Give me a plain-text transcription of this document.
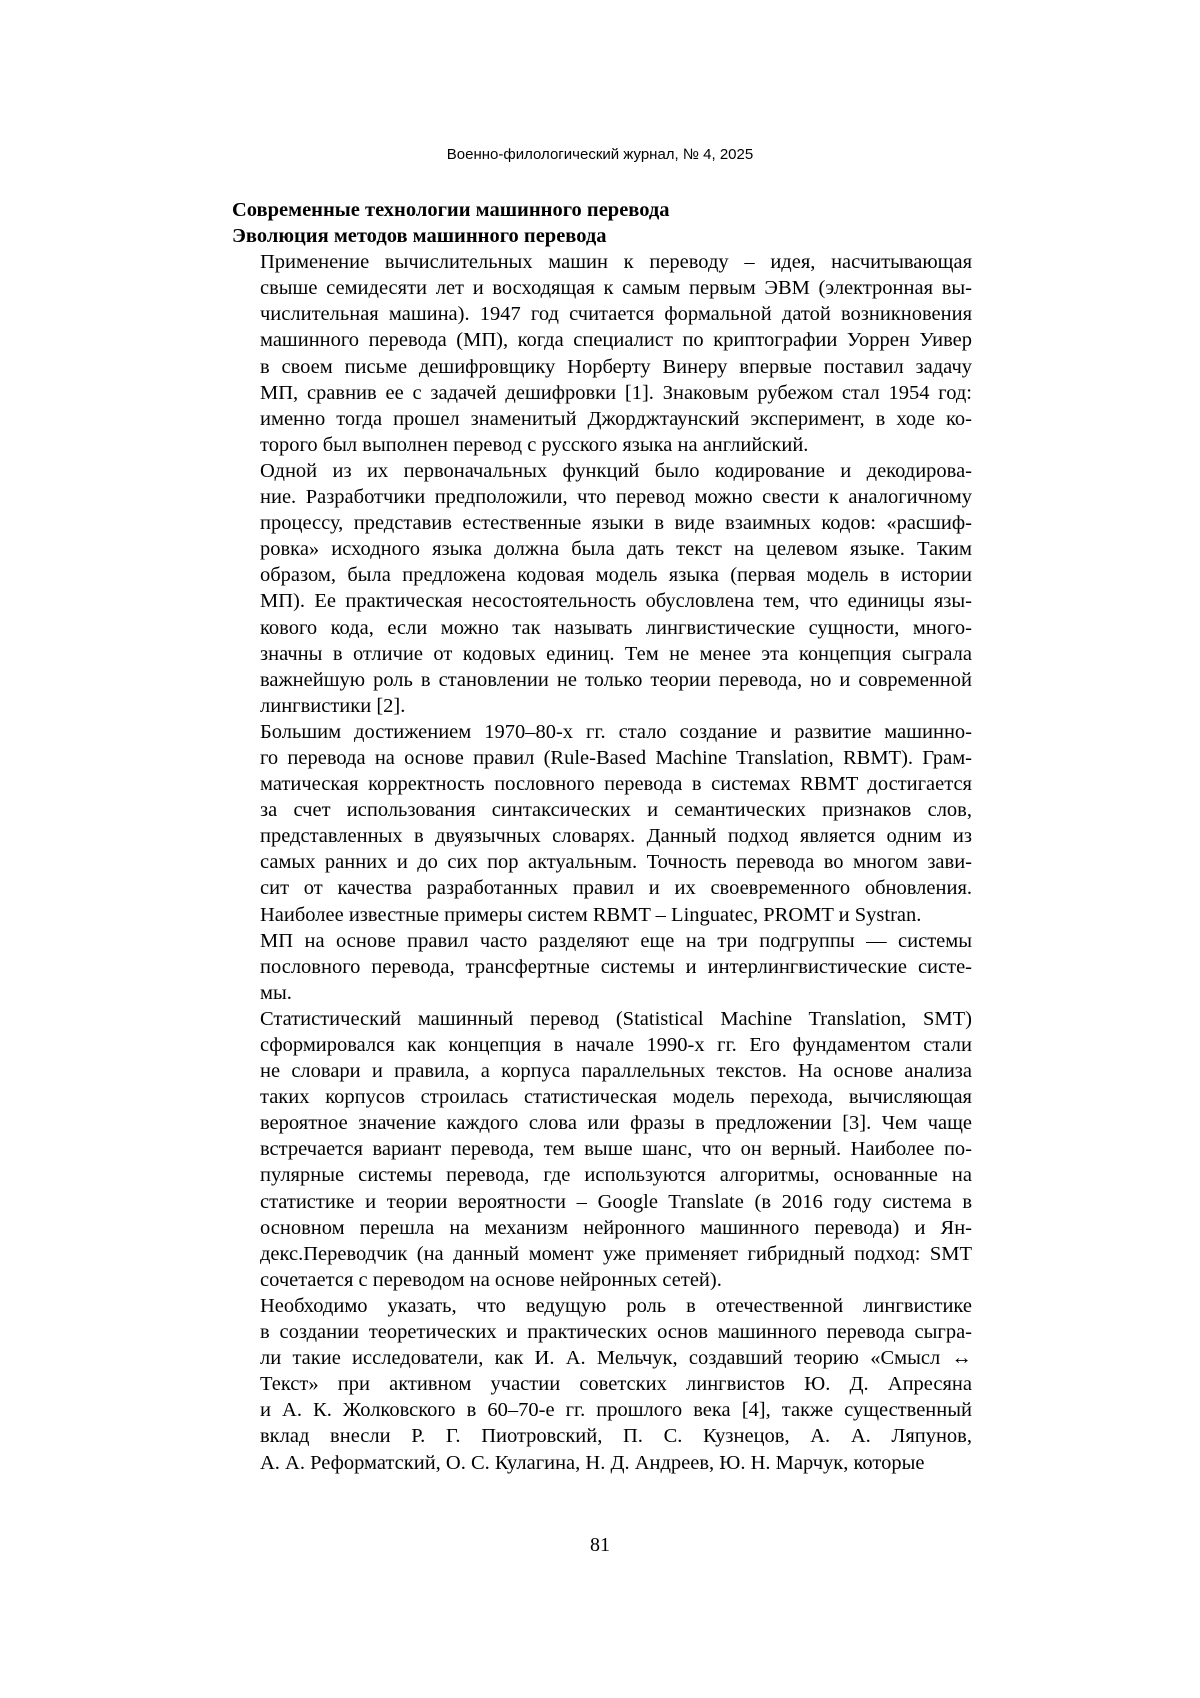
Военно-филологический журнал, № 4, 2025
Современные технологии машинного перевода
Эволюция методов машинного перевода
Применение вычислительных машин к переводу – идея, насчитывающая
свыше семидесяти лет и восходящая к самым первым ЭВМ (электронная вы-
числительная машина). 1947 год считается формальной датой возникновения
машинного перевода (МП), когда специалист по криптографии Уоррен Уивер
в своем письме дешифровщику Норберту Винеру впервые поставил задачу
МП, сравнив ее с задачей дешифровки [1]. Знаковым рубежом стал 1954 год:
именно тогда прошел знаменитый Джорджтаунский эксперимент, в ходе ко-
торого был выполнен перевод с русского языка на английский.
Одной из их первоначальных функций было кодирование и декодирова-
ние. Разработчики предположили, что перевод можно свести к аналогичному
процессу, представив естественные языки в виде взаимных кодов: «расшиф-
ровка» исходного языка должна была дать текст на целевом языке. Таким
образом, была предложена кодовая модель языка (первая модель в истории
МП). Ее практическая несостоятельность обусловлена тем, что единицы язы-
кового кода, если можно так называть лингвистические сущности, много-
значны в отличие от кодовых единиц. Тем не менее эта концепция сыграла
важнейшую роль в становлении не только теории перевода, но и современной
лингвистики [2].
Большим достижением 1970–80-х гг. стало создание и развитие машинно-
го перевода на основе правил (Rule-Based Machine Translation, RBMT). Грам-
матическая корректность пословного перевода в системах RBMT достигается
за счет использования синтаксических и семантических признаков слов,
представленных в двуязычных словарях. Данный подход является одним из
самых ранних и до сих пор актуальным. Точность перевода во многом зави-
сит от качества разработанных правил и их своевременного обновления.
Наиболее известные примеры систем RBMT – Linguatec, PROMT и Systran.
МП на основе правил часто разделяют еще на три подгруппы — системы
пословного перевода, трансфертные системы и интерлингвистические систе-
мы.
Статистический машинный перевод (Statistical Machine Translation, SMT)
сформировался как концепция в начале 1990-х гг. Его фундаментом стали
не словари и правила, а корпуса параллельных текстов. На основе анализа
таких корпусов строилась статистическая модель перехода, вычисляющая
вероятное значение каждого слова или фразы в предложении [3]. Чем чаще
встречается вариант перевода, тем выше шанс, что он верный. Наиболее по-
пулярные системы перевода, где используются алгоритмы, основанные на
статистике и теории вероятности – Google Translate (в 2016 году система в
основном перешла на механизм нейронного машинного перевода) и Ян-
декс.Переводчик (на данный момент уже применяет гибридный подход: SMT
сочетается с переводом на основе нейронных сетей).
Необходимо указать, что ведущую роль в отечественной лингвистике
в создании теоретических и практических основ машинного перевода сыгра-
ли такие исследователи, как И. А. Мельчук, создавший теорию «Смысл ↔
Текст» при активном участии советских лингвистов Ю. Д. Апресяна
и А. К. Жолковского в 60–70-е гг. прошлого века [4], также существенный
вклад внесли Р. Г. Пиотровский, П. С. Кузнецов, А. А. Ляпунов,
А. А. Реформатский, О. С. Кулагина, Н. Д. Андреев, Ю. Н. Марчук, которые
81
